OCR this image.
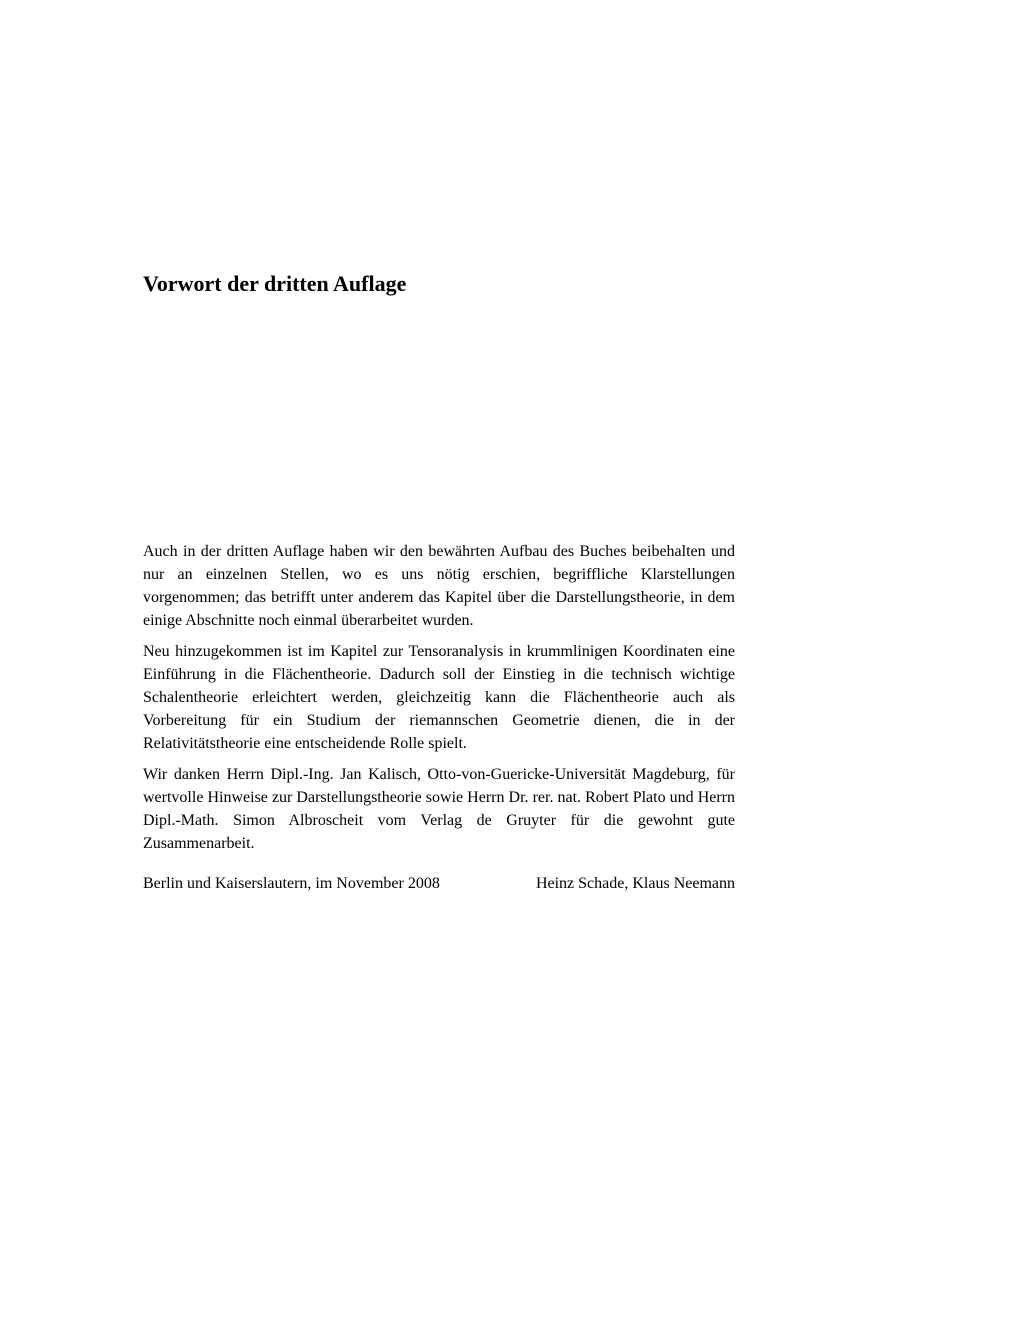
Vorwort der dritten Auflage

Auch in der dritten Auflage haben wir den bewährten Aufbau des Buches beibehalten und nur an einzelnen Stellen, wo es uns nötig erschien, begriffliche Klarstellungen vorgenommen; das betrifft unter anderem das Kapitel über die Darstellungstheorie, in dem einige Abschnitte noch einmal überarbeitet wurden.

Neu hinzugekommen ist im Kapitel zur Tensoranalysis in krummlinigen Koordinaten eine Einführung in die Flächentheorie. Dadurch soll der Einstieg in die technisch wichtige Schalentheorie erleichtert werden, gleichzeitig kann die Flächentheorie auch als Vorbereitung für ein Studium der riemannschen Geometrie dienen, die in der Relativitätstheorie eine entscheidende Rolle spielt.

Wir danken Herrn Dipl.-Ing. Jan Kalisch, Otto-von-Guericke-Universität Magdeburg, für wertvolle Hinweise zur Darstellungstheorie sowie Herrn Dr. rer. nat. Robert Plato und Herrn Dipl.-Math. Simon Albroscheit vom Verlag de Gruyter für die gewohnt gute Zusammenarbeit.

Berlin und Kaiserslautern, im November 2008	Heinz Schade, Klaus Neemann
